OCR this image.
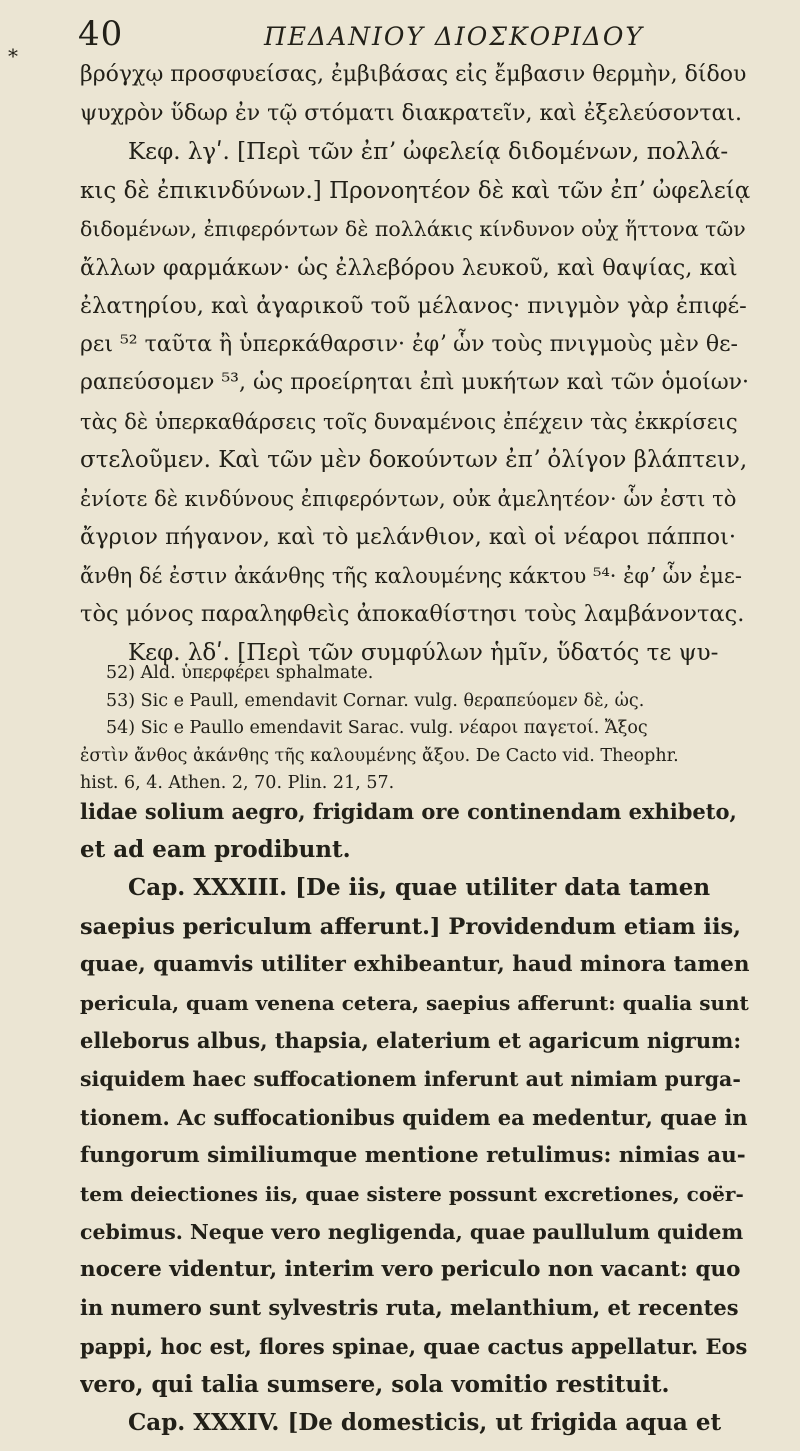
*
40	ΠΕΔΑΝΙΟΥ ΔΙΟΣΚΟΡΙΔΟΥ
βρόγχῳ προσφυείσας, ἐμβιβάσας εἰς ἔμβασιν θερμὴν, δίδου
ψυχρὸν ὕδωρ ἐν τῷ στόματι διακρατεῖν, καὶ ἐξελεύσονται.
Κεφ. λγʹ. [Περὶ τῶν ἐπʼ ὠφελείᾳ διδομένων, πολλά-
κις δὲ ἐπικινδύνων.] Προνοητέον δὲ καὶ τῶν ἐπʼ ὠφελείᾳ
διδομένων, ἐπιφερόντων δὲ πολλάκις κίνδυνον οὐχ ἥττονα τῶν
ἄλλων φαρμάκων· ὡς ἐλλεβόρου λευκοῦ, καὶ θαψίας, καὶ
ἐλατηρίου, καὶ ἀγαρικοῦ τοῦ μέλανος· πνιγμὸν γὰρ ἐπιφέ-
ρει ⁵² ταῦτα ἢ ὑπερκάθαρσιν· ἐφʼ ὧν τοὺς πνιγμοὺς μὲν θε-
ραπεύσομεν ⁵³, ὡς προείρηται ἐπὶ μυκήτων καὶ τῶν ὁμοίων·
τὰς δὲ ὑπερκαθάρσεις τοῖς δυναμένοις ἐπέχειν τὰς ἐκκρίσεις
στελοῦμεν. Καὶ τῶν μὲν δοκούντων ἐπʼ ὀλίγον βλάπτειν,
ἐνίοτε δὲ κινδύνους ἐπιφερόντων, οὐκ ἀμελητέον· ὧν ἐστι τὸ
ἄγριον πήγανον, καὶ τὸ μελάνθιον, καὶ οἱ νέαροι πάπποι·
ἄνθη δέ ἐστιν ἀκάνθης τῆς καλουμένης κάκτου ⁵⁴· ἐφʼ ὧν ἐμε-
τὸς μόνος παραληφθεὶς ἀποκαθίστησι τοὺς λαμβάνοντας.
Κεφ. λδʹ. [Περὶ τῶν συμφύλων ἡμῖν, ὕδατός τε ψυ-
52) Ald. ὑπερφέρει sphalmate.
53) Sic e Paull, emendavit Cornar. vulg. θεραπεύομεν δὲ, ὡς.
54) Sic e Paullo emendavit Sarac. vulg. νέαροι παγετοί. Ἄξος
ἐστὶν ἄνθος ἀκάνθης τῆς καλουμένης ἄξου. De Cacto vid. Theophr.
hist. 6, 4. Athen. 2, 70. Plin. 21, 57.
lidae solium aegro, frigidam ore continendam exhibeto,
et ad eam prodibunt.
Cap. XXXIII. [De iis, quae utiliter data tamen
saepius periculum afferunt.] Providendum etiam iis,
quae, quamvis utiliter exhibeantur, haud minora tamen
pericula, quam venena cetera, saepius afferunt: qualia sunt
elleborus albus, thapsia, elaterium et agaricum nigrum:
siquidem haec suffocationem inferunt aut nimiam purga-
tionem. Ac suffocationibus quidem ea medentur, quae in
fungorum similiumque mentione retulimus: nimias au-
tem deiectiones iis, quae sistere possunt excretiones, coër-
cebimus. Neque vero negligenda, quae paullulum quidem
nocere videntur, interim vero periculo non vacant: quo
in numero sunt sylvestris ruta, melanthium, et recentes
pappi, hoc est, flores spinae, quae cactus appellatur. Eos
vero, qui talia sumsere, sola vomitio restituit.
Cap. XXXIV. [De domesticis, ut frigida aqua et
